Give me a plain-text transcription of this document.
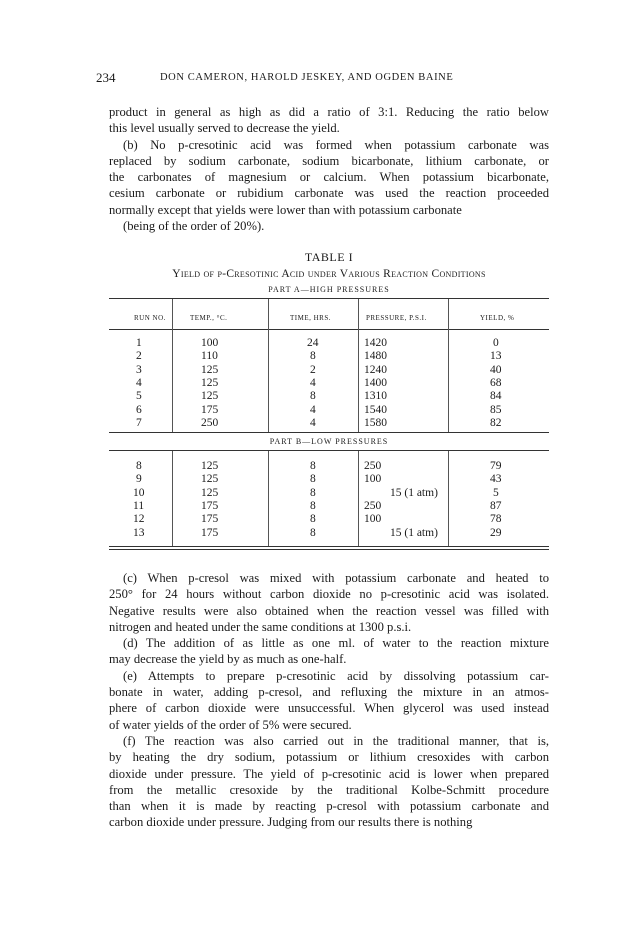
234	DON CAMERON, HAROLD JESKEY, AND OGDEN BAINE
product in general as high as did a ratio of 3:1. Reducing the ratio below
this level usually served to decrease the yield.
(b) No p-cresotinic acid was formed when potassium carbonate was
replaced by sodium carbonate, sodium bicarbonate, lithium carbonate, or
the carbonates of magnesium or calcium. When potassium bicarbonate,
cesium carbonate or rubidium carbonate was used the reaction proceeded
normally except that yields were lower than with potassium carbonate
(being of the order of 20%).
TABLE I
Yield of p-Cresotinic Acid under Various Reaction Conditions
PART A—HIGH PRESSURES
RUN NO.	TEMP., °C.	TIME, HRS.	PRESSURE, P.S.I.	YIELD, %
1	100	24	1420	0
2	110	8	1480	13
3	125	2	1240	40
4	125	4	1400	68
5	125	8	1310	84
6	175	4	1540	85
7	250	4	1580	82
PART B—LOW PRESSURES
8	125	8	250	79
9	125	8	100	43
10	125	8	15 (1 atm)	5
11	175	8	250	87
12	175	8	100	78
13	175	8	15 (1 atm)	29
(c) When p-cresol was mixed with potassium carbonate and heated to
250° for 24 hours without carbon dioxide no p-cresotinic acid was isolated.
Negative results were also obtained when the reaction vessel was filled with
nitrogen and heated under the same conditions at 1300 p.s.i.
(d) The addition of as little as one ml. of water to the reaction mixture
may decrease the yield by as much as one-half.
(e) Attempts to prepare p-cresotinic acid by dissolving potassium car-
bonate in water, adding p-cresol, and refluxing the mixture in an atmos-
phere of carbon dioxide were unsuccessful. When glycerol was used instead
of water yields of the order of 5% were secured.
(f) The reaction was also carried out in the traditional manner, that is,
by heating the dry sodium, potassium or lithium cresoxides with carbon
dioxide under pressure. The yield of p-cresotinic acid is lower when prepared
from the metallic cresoxide by the traditional Kolbe-Schmitt procedure
than when it is made by reacting p-cresol with potassium carbonate and
carbon dioxide under pressure. Judging from our results there is nothing
